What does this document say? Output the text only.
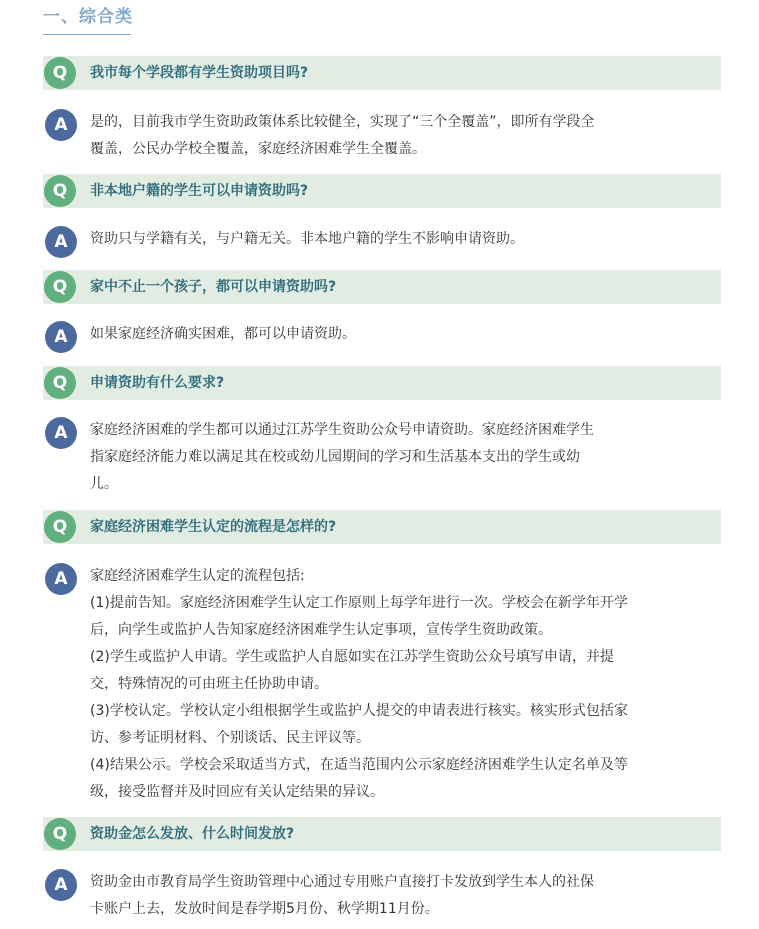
一、综合类
Q	我市每个学段都有学生资助项目吗?
A	是的，目前我市学生资助政策体系比较健全，实现了“三个全覆盖”，即所有学段全
覆盖，公民办学校全覆盖，家庭经济困难学生全覆盖。
Q	非本地户籍的学生可以申请资助吗?
A	资助只与学籍有关，与户籍无关。非本地户籍的学生不影响申请资助。
Q	家中不止一个孩子，都可以申请资助吗?
A	如果家庭经济确实困难，都可以申请资助。
Q	申请资助有什么要求?
A	家庭经济困难的学生都可以通过江苏学生资助公众号申请资助。家庭经济困难学生
指家庭经济能力难以满足其在校或幼儿园期间的学习和生活基本支出的学生或幼
儿。
Q	家庭经济困难学生认定的流程是怎样的?
A	家庭经济困难学生认定的流程包括:
(1)提前告知。家庭经济困难学生认定工作原则上每学年进行一次。学校会在新学年开学
后，向学生或监护人告知家庭经济困难学生认定事项，宣传学生资助政策。
(2)学生或监护人申请。学生或监护人自愿如实在江苏学生资助公众号填写申请，并提
交，特殊情况的可由班主任协助申请。
(3)学校认定。学校认定小组根据学生或监护人提交的申请表进行核实。核实形式包括家
访、参考证明材料、个别谈话、民主评议等。
(4)结果公示。学校会采取适当方式，在适当范围内公示家庭经济困难学生认定名单及等
级，接受监督并及时回应有关认定结果的异议。
Q	资助金怎么发放、什么时间发放?
A	资助金由市教育局学生资助管理中心通过专用账户直接打卡发放到学生本人的社保
卡账户上去，发放时间是春学期5月份、秋学期11月份。
